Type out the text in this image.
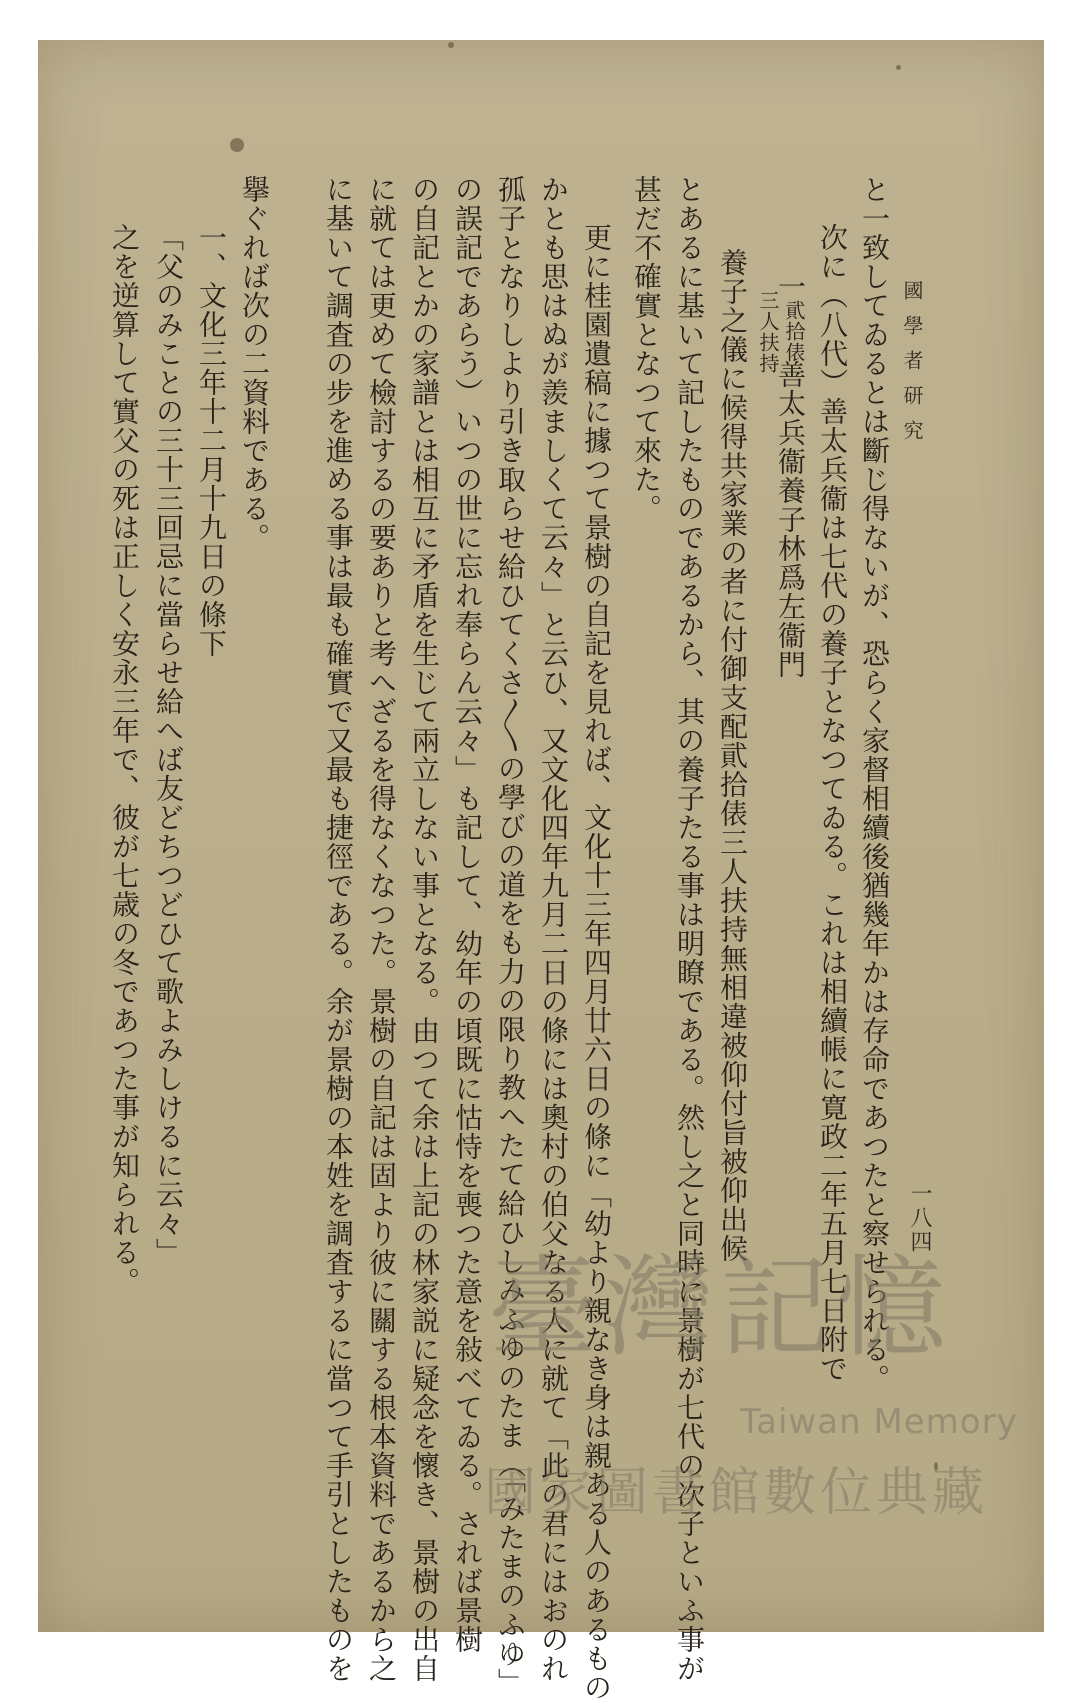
國學者研究
一八四
と一致してゐるとは斷じ得ないが、恐らく家督相續後猶幾年かは存命であつたと察せられる。
次に（八代）善太兵衞は七代の養子となつてゐる。これは相續帳に寛政二年五月七日附で
一
貮拾俵
三人扶持
善太兵衞養子林爲左衞門
養子之儀に候得共家業の者に付御支配貮拾俵三人扶持無相違被仰付旨被仰出候
とあるに基いて記したものであるから、其の養子たる事は明瞭である。然し之と同時に景樹が七代の次子といふ事が
甚だ不確實となつて來た。
更に桂園遺稿に據つて景樹の自記を見れば、文化十三年四月廿六日の條に「幼より親なき身は親ある人のあるもの
かとも思はぬが羨ましくて云々」と云ひ、又文化四年九月二日の條には奧村の伯父なる人に就て「此の君にはおのれ
孤子となりしより引き取らせ給ひてくさ〳〵の學びの道をも力の限り教へたて給ひしみふゆのたま（「みたまのふゆ」
の誤記であらう）いつの世に忘れ奉らん云々」も記して、幼年の頃既に怙恃を喪つた意を敍べてゐる。されば景樹
の自記とかの家譜とは相互に矛盾を生じて兩立しない事となる。由つて余は上記の林家説に疑念を懷き、景樹の出自
に就ては更めて檢討するの要ありと考へざるを得なくなつた。景樹の自記は固より彼に關する根本資料であるから之
に基いて調査の步を進める事は最も確實で又最も捷徑である。余が景樹の本姓を調査するに當つて手引としたものを
擧ぐれば次の二資料である。
一、文化三年十二月十九日の條下
「父のみことの三十三回忌に當らせ給へば友どちつどひて歌よみしけるに云々」
之を逆算して實父の死は正しく安永三年で、彼が七歳の冬であつた事が知られる。
臺灣記憶
Taiwan Memory
國家圖書館數位典藏
